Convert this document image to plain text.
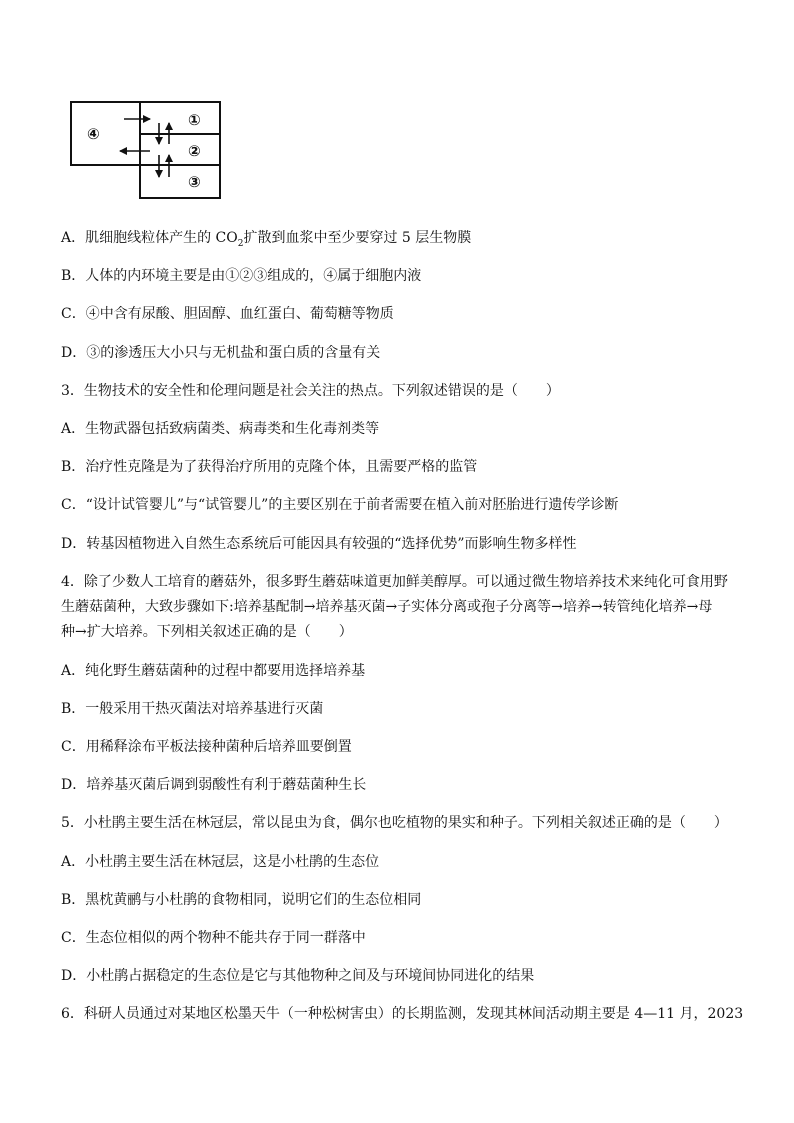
④
①
②
③
A．肌细胞线粒体产生的 $CO_2$扩散到血浆中至少要穿过 5 层生物膜
B．人体的内环境主要是由①②③组成的，④属于细胞内液
C．④中含有尿酸、胆固醇、血红蛋白、葡萄糖等物质
D．③的渗透压大小只与无机盐和蛋白质的含量有关
3．生物技术的安全性和伦理问题是社会关注的热点。下列叙述错误的是（　　）
A．生物武器包括致病菌类、病毒类和生化毒剂类等
B．治疗性克隆是为了获得治疗所用的克隆个体，且需要严格的监管
C．“设计试管婴儿”与“试管婴儿”的主要区别在于前者需要在植入前对胚胎进行遗传学诊断
D．转基因植物进入自然生态系统后可能因具有较强的“选择优势”而影响生物多样性
4．除了少数人工培育的蘑菇外，很多野生蘑菇味道更加鲜美醇厚。可以通过微生物培养技术来纯化可食用野
生蘑菇菌种，大致步骤如下:培养基配制→培养基灭菌→子实体分离或孢子分离等→培养→转管纯化培养→母
种→扩大培养。下列相关叙述正确的是（　　）
A．纯化野生蘑菇菌种的过程中都要用选择培养基
B．一般采用干热灭菌法对培养基进行灭菌
C．用稀释涂布平板法接种菌种后培养皿要倒置
D．培养基灭菌后调到弱酸性有利于蘑菇菌种生长
5．小杜鹃主要生活在林冠层，常以昆虫为食，偶尔也吃植物的果实和种子。下列相关叙述正确的是（　　）
A．小杜鹃主要生活在林冠层，这是小杜鹃的生态位
B．黑枕黄鹂与小杜鹃的食物相同，说明它们的生态位相同
C．生态位相似的两个物种不能共存于同一群落中
D．小杜鹃占据稳定的生态位是它与其他物种之间及与环境间协同进化的结果
6．科研人员通过对某地区松墨天牛（一种松树害虫）的长期监测，发现其林间活动期主要是 4—11 月，2023
